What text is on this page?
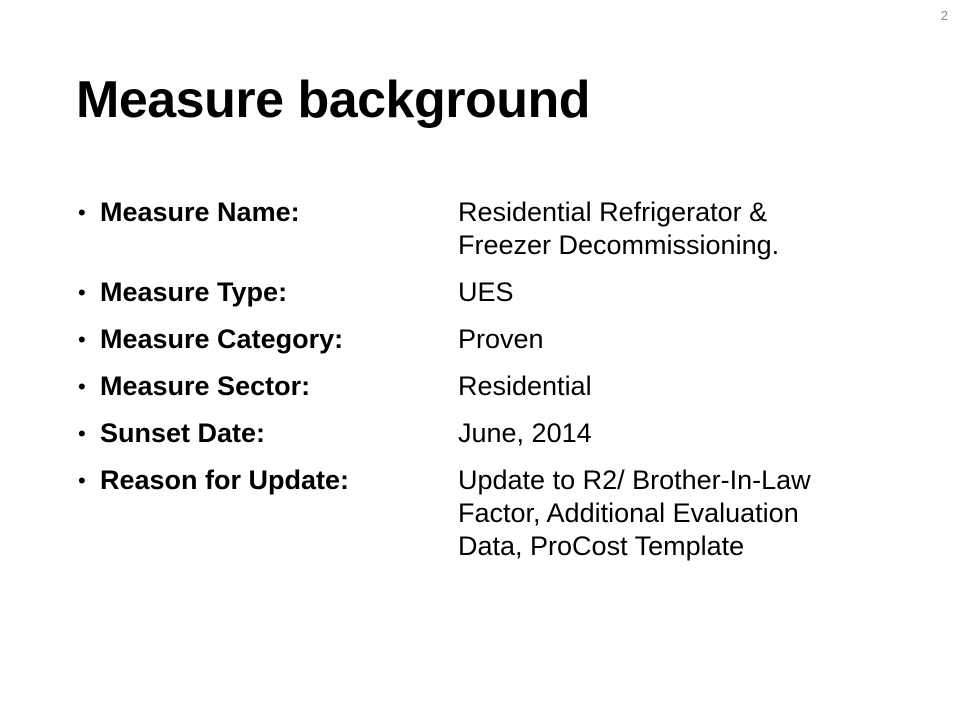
2
Measure background
• Measure Name:	Residential Refrigerator & Freezer Decommissioning.
• Measure Type:	UES
• Measure Category:	Proven
• Measure Sector:	Residential
• Sunset Date:	June, 2014
• Reason for Update:	Update to R2/ Brother-In-Law Factor, Additional Evaluation Data, ProCost Template
